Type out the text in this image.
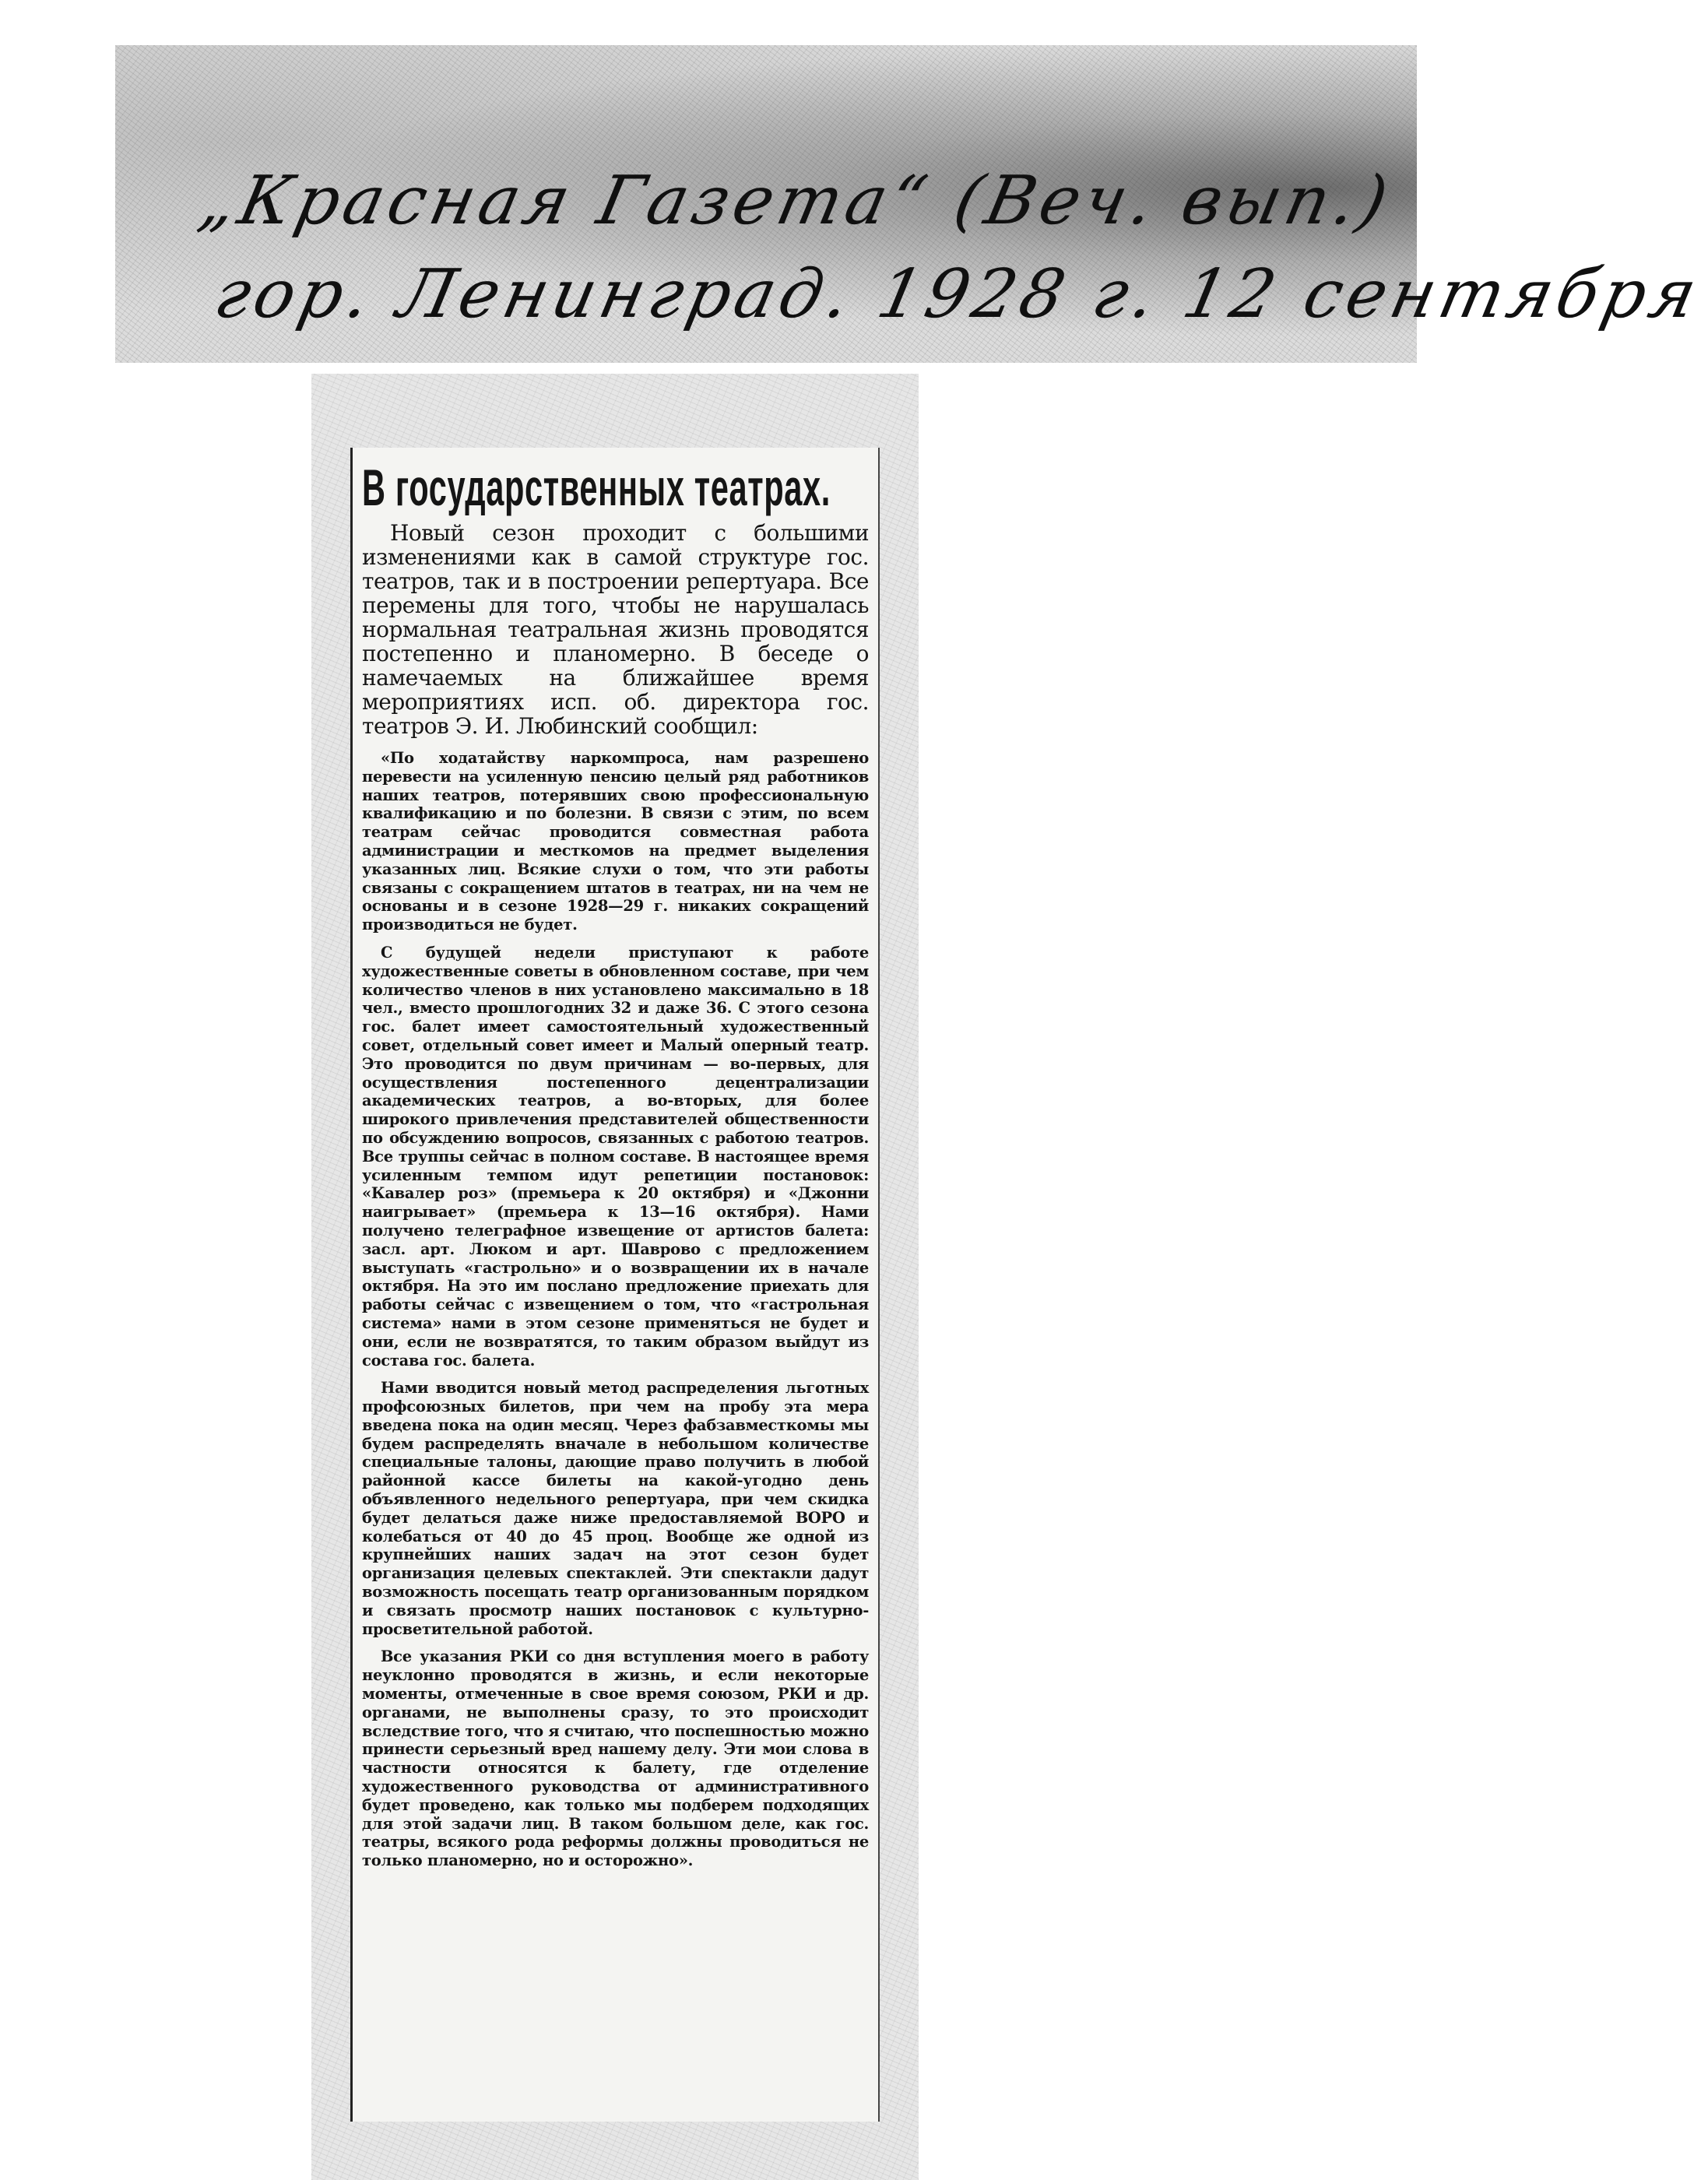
„Красная Газета“ (Веч. вып.)
гор. Ленинград. 1928 г. 12 сентября
В государственных театрах.

Новый сезон проходит с большими изменениями как в самой структуре гос. театров, так и в построении репертуара. Все перемены для того, чтобы не нарушалась нормальная театральная жизнь проводятся постепенно и планомерно. В беседе о намечаемых на ближайшее время мероприятиях исп. об. директора гос. театров Э. И. Любинский сообщил:

«По ходатайству наркомпроса, нам разрешено перевести на усиленную пенсию целый ряд работников наших театров, потерявших свою профессиональную квалификацию и по болезни. В связи с этим, по всем театрам сейчас проводится совместная работа администрации и месткомов на предмет выделения указанных лиц. Всякие слухи о том, что эти работы связаны с сокращением штатов в театрах, ни на чем не основаны и в сезоне 1928—29 г. никаких сокращений производиться не будет.

С будущей недели приступают к работе художественные советы в обновленном составе, при чем количество членов в них установлено максимально в 18 чел., вместо прошлогодних 32 и даже 36. С этого сезона гос. балет имеет самостоятельный художественный совет, отдельный совет имеет и Малый оперный театр. Это проводится по двум причинам — во-первых, для осуществления постепенного децентрализации академических театров, а во-вторых, для более широкого привлечения представителей общественности по обсуждению вопросов, связанных с работою театров. Все труппы сейчас в полном составе. В настоящее время усиленным темпом идут репетиции постановок: «Кавалер роз» (премьера к 20 октября) и «Джонни наигрывает» (премьера к 13—16 октября). Нами получено телеграфное извещение от артистов балета: засл. арт. Люком и арт. Шаврово с предложением выступать «гастрольно» и о возвращении их в начале октября. На это им послано предложение приехать для работы сейчас с извещением о том, что «гастрольная система» нами в этом сезоне применяться не будет и они, если не возвратятся, то таким образом выйдут из состава гос. балета.

Нами вводится новый метод распределения льготных профсоюзных билетов, при чем на пробу эта мера введена пока на один месяц. Через фабзавместкомы мы будем распределять вначале в небольшом количестве специальные талоны, дающие право получить в любой районной кассе билеты на какой-угодно день объявленного недельного репертуара, при чем скидка будет делаться даже ниже предоставляемой ВОРО и колебаться от 40 до 45 проц. Вообще же одной из крупнейших наших задач на этот сезон будет организация целевых спектаклей. Эти спектакли дадут возможность посещать театр организованным порядком и связать просмотр наших постановок с культурно-просветительной работой.

Все указания РКИ со дня вступления моего в работу неуклонно проводятся в жизнь, и если некоторые моменты, отмеченные в свое время союзом, РКИ и др. органами, не выполнены сразу, то это происходит вследствие того, что я считаю, что поспешностью можно принести серьезный вред нашему делу. Эти мои слова в частности относятся к балету, где отделение художественного руководства от административного будет проведено, как только мы подберем подходящих для этой задачи лиц. В таком большом деле, как гос. театры, всякого рода реформы должны проводиться не только планомерно, но и осторожно».
